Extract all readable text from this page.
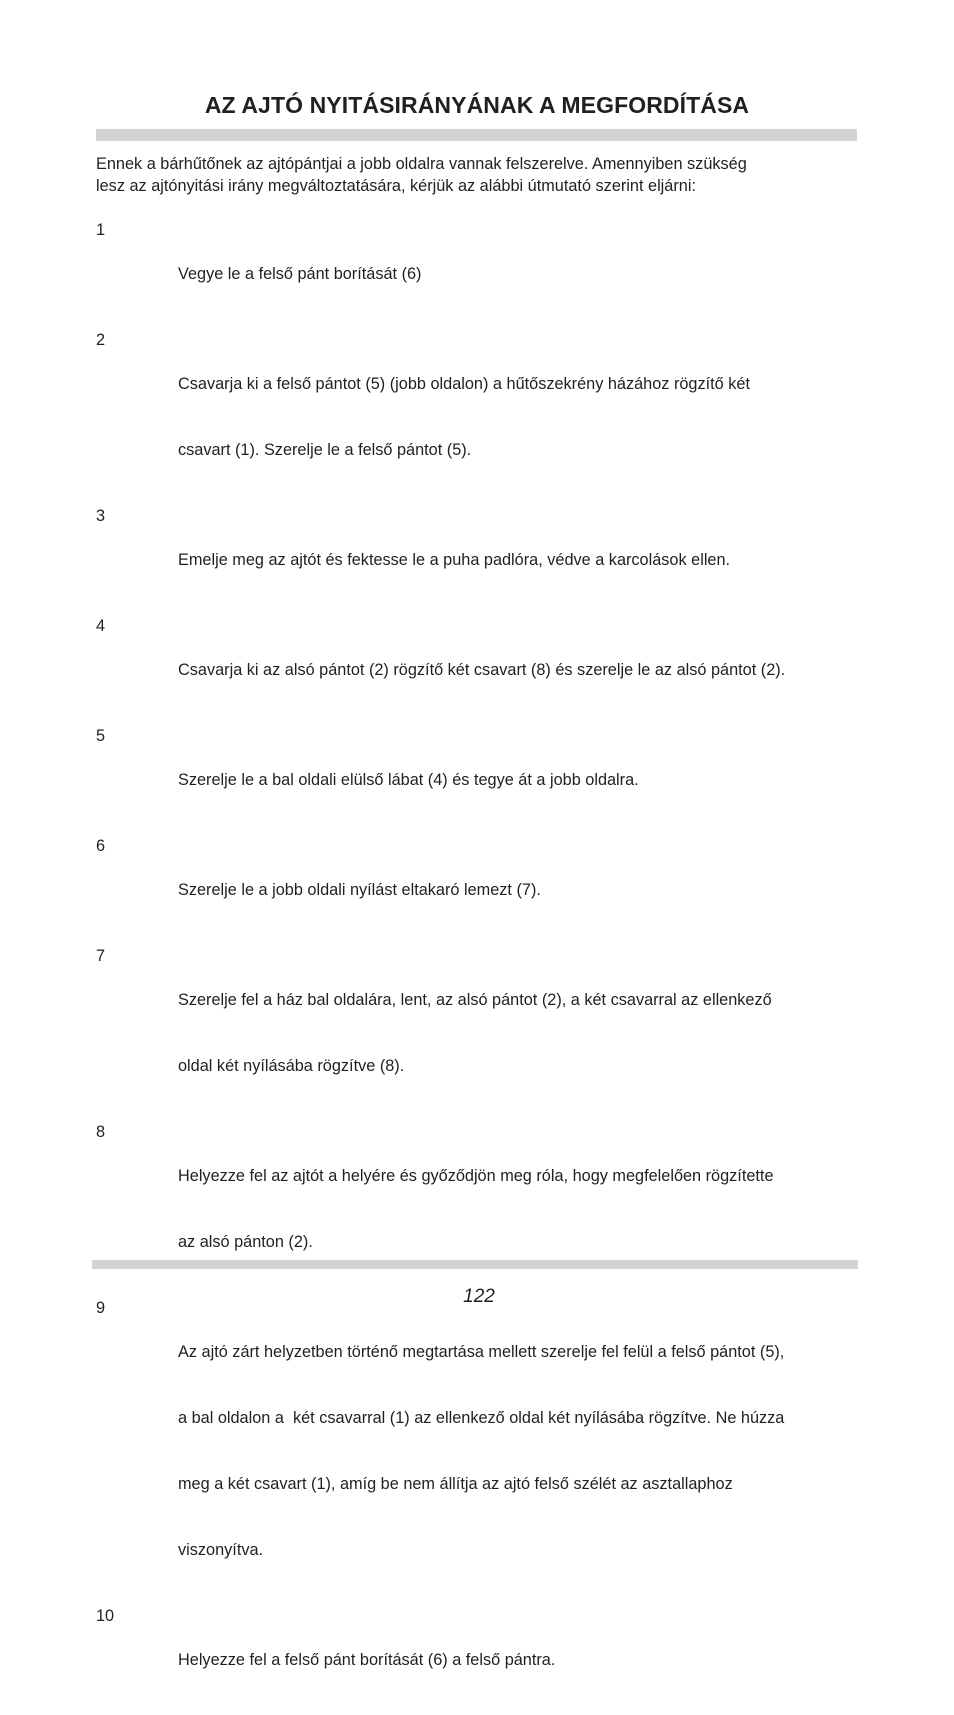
AZ AJTÓ NYITÁSIRÁNYÁNAK A MEGFORDÍTÁSA
Ennek a bárhűtőnek az ajtópántjai a jobb oldalra vannak felszerelve. Amennyiben szükség
lesz az ajtónyitási irány megváltoztatására, kérjük az alábbi útmutató szerint eljárni:
1

Vegye le a felső pánt borítását (6)

2

Csavarja ki a felső pántot (5) (jobb oldalon) a hűtőszekrény házához rögzítő két

csavart (1). Szerelje le a felső pántot (5).

3

Emelje meg az ajtót és fektesse le a puha padlóra, védve a karcolások ellen.

4

Csavarja ki az alsó pántot (2) rögzítő két csavart (8) és szerelje le az alsó pántot (2).

5

Szerelje le a bal oldali elülső lábat (4) és tegye át a jobb oldalra.

6

Szerelje le a jobb oldali nyílást eltakaró lemezt (7).

7

Szerelje fel a ház bal oldalára, lent, az alsó pántot (2), a két csavarral az ellenkező

oldal két nyílásába rögzítve (8).

8

Helyezze fel az ajtót a helyére és győződjön meg róla, hogy megfelelően rögzítette

az alsó pánton (2).

9

Az ajtó zárt helyzetben történő megtartása mellett szerelje fel felül a felső pántot (5),

a bal oldalon a  két csavarral (1) az ellenkező oldal két nyílásába rögzítve. Ne húzza

meg a két csavart (1), amíg be nem állítja az ajtó felső szélét az asztallaphoz

viszonyítva.

10

Helyezze fel a felső pánt borítását (6) a felső pántra.

122
